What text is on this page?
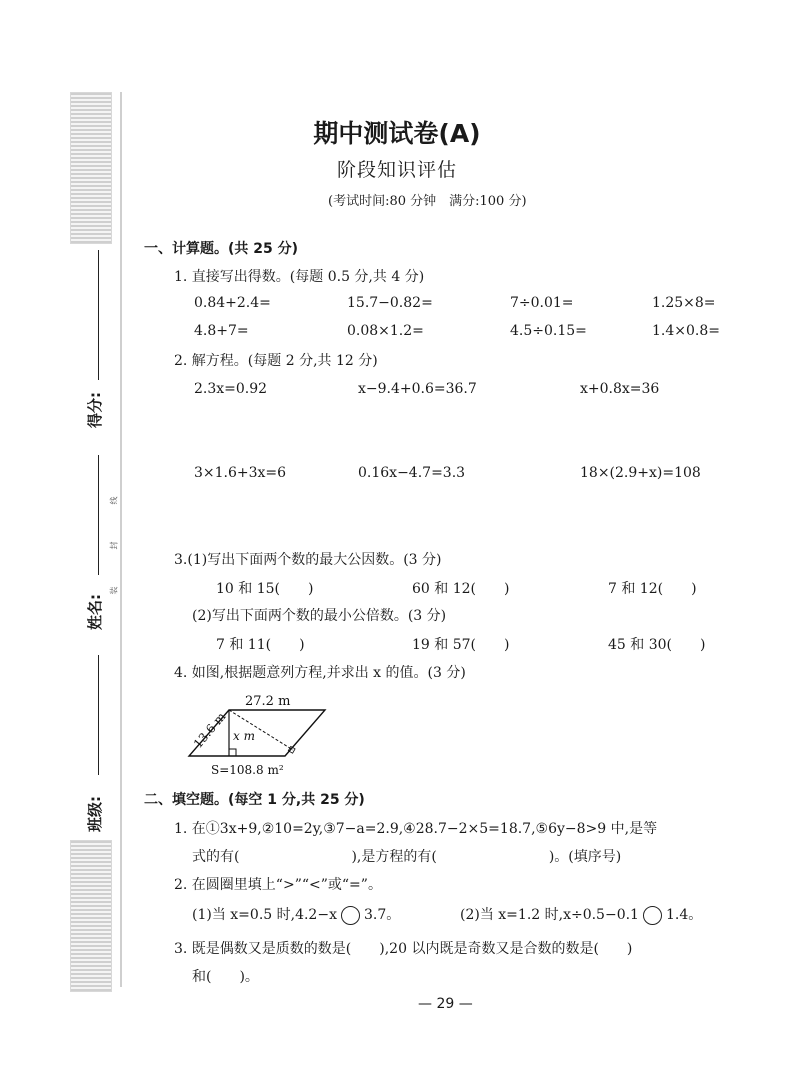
得分:
姓名:
班级:
装
封
线
期中测试卷(A)
阶段知识评估
(考试时间:80 分钟　满分:100 分)
一、计算题。(共 25 分)
1. 直接写出得数。(每题 0.5 分,共 4 分)
0.84+2.4=	15.7−0.82=	7÷0.01=	1.25×8=
4.8+7=	0.08×1.2=	4.5÷0.15=	1.4×0.8=
2. 解方程。(每题 2 分,共 12 分)
2.3x=0.92	x−9.4+0.6=36.7	x+0.8x=36
3×1.6+3x=6	0.16x−4.7=3.3	18×(2.9+x)=108
3.(1)写出下面两个数的最大公因数。(3 分)
10 和 15(　　)	60 和 12(　　)	7 和 12(　　)
(2)写出下面两个数的最小公倍数。(3 分)
7 和 11(　　)	19 和 57(　　)	45 和 30(　　)
4. 如图,根据题意列方程,并求出 x 的值。(3 分)
27.2 m
13.6 m x m
S=108.8 m²
二、填空题。(每空 1 分,共 25 分)
1. 在①3x+9,②10=2y,③7−a=2.9,④28.7−2×5=18.7,⑤6y−8>9 中,是等
式的有(　　　　　　　　),是方程的有(　　　　　　　　)。(填序号)
2. 在圆圈里填上“>”“<”或“=”。
(1)当 x=0.5 时,4.2−x 3.7。	(2)当 x=1.2 时,x÷0.5−0.1 1.4。
3. 既是偶数又是质数的数是(　　),20 以内既是奇数又是合数的数是(　　)
和(　　)。
— 29 —
